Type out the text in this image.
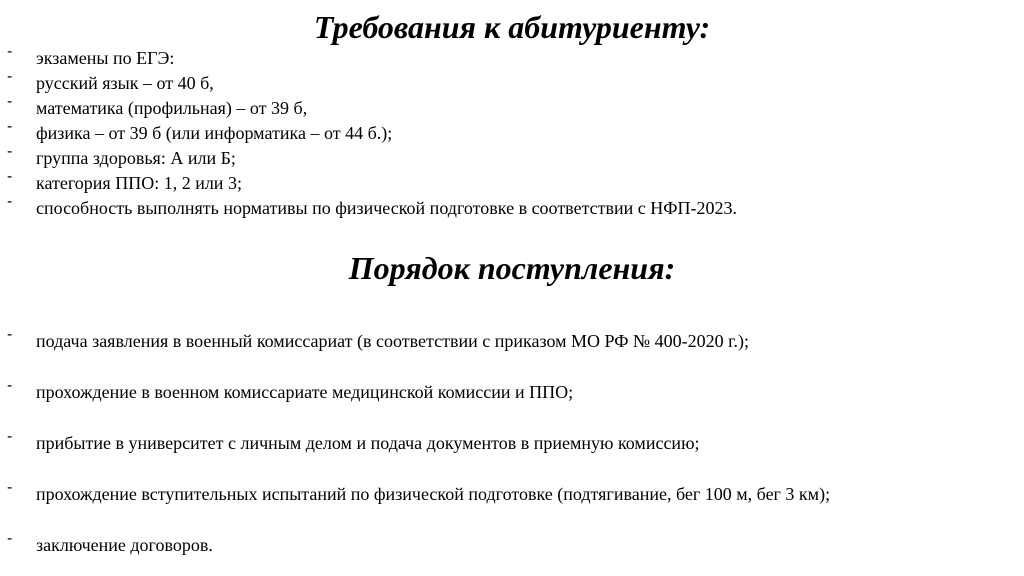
Требования к абитуриенту:
- экзамены по ЕГЭ:
- русский язык – от 40 б,
- математика (профильная) – от 39 б,
- физика – от 39 б (или информатика – от 44 б.);
- группа здоровья: А или Б;
- категория ППО: 1, 2 или 3;
- способность выполнять нормативы по физической подготовке в соответствии с НФП-2023.
Порядок поступления:
- подача заявления в военный комиссариат (в соответствии с приказом МО РФ № 400-2020 г.);
- прохождение в военном комиссариате медицинской комиссии и ППО;
- прибытие в университет с личным делом и подача документов в приемную комиссию;
- прохождение вступительных испытаний по физической подготовке (подтягивание, бег 100 м, бег 3 км);
- заключение договоров.
